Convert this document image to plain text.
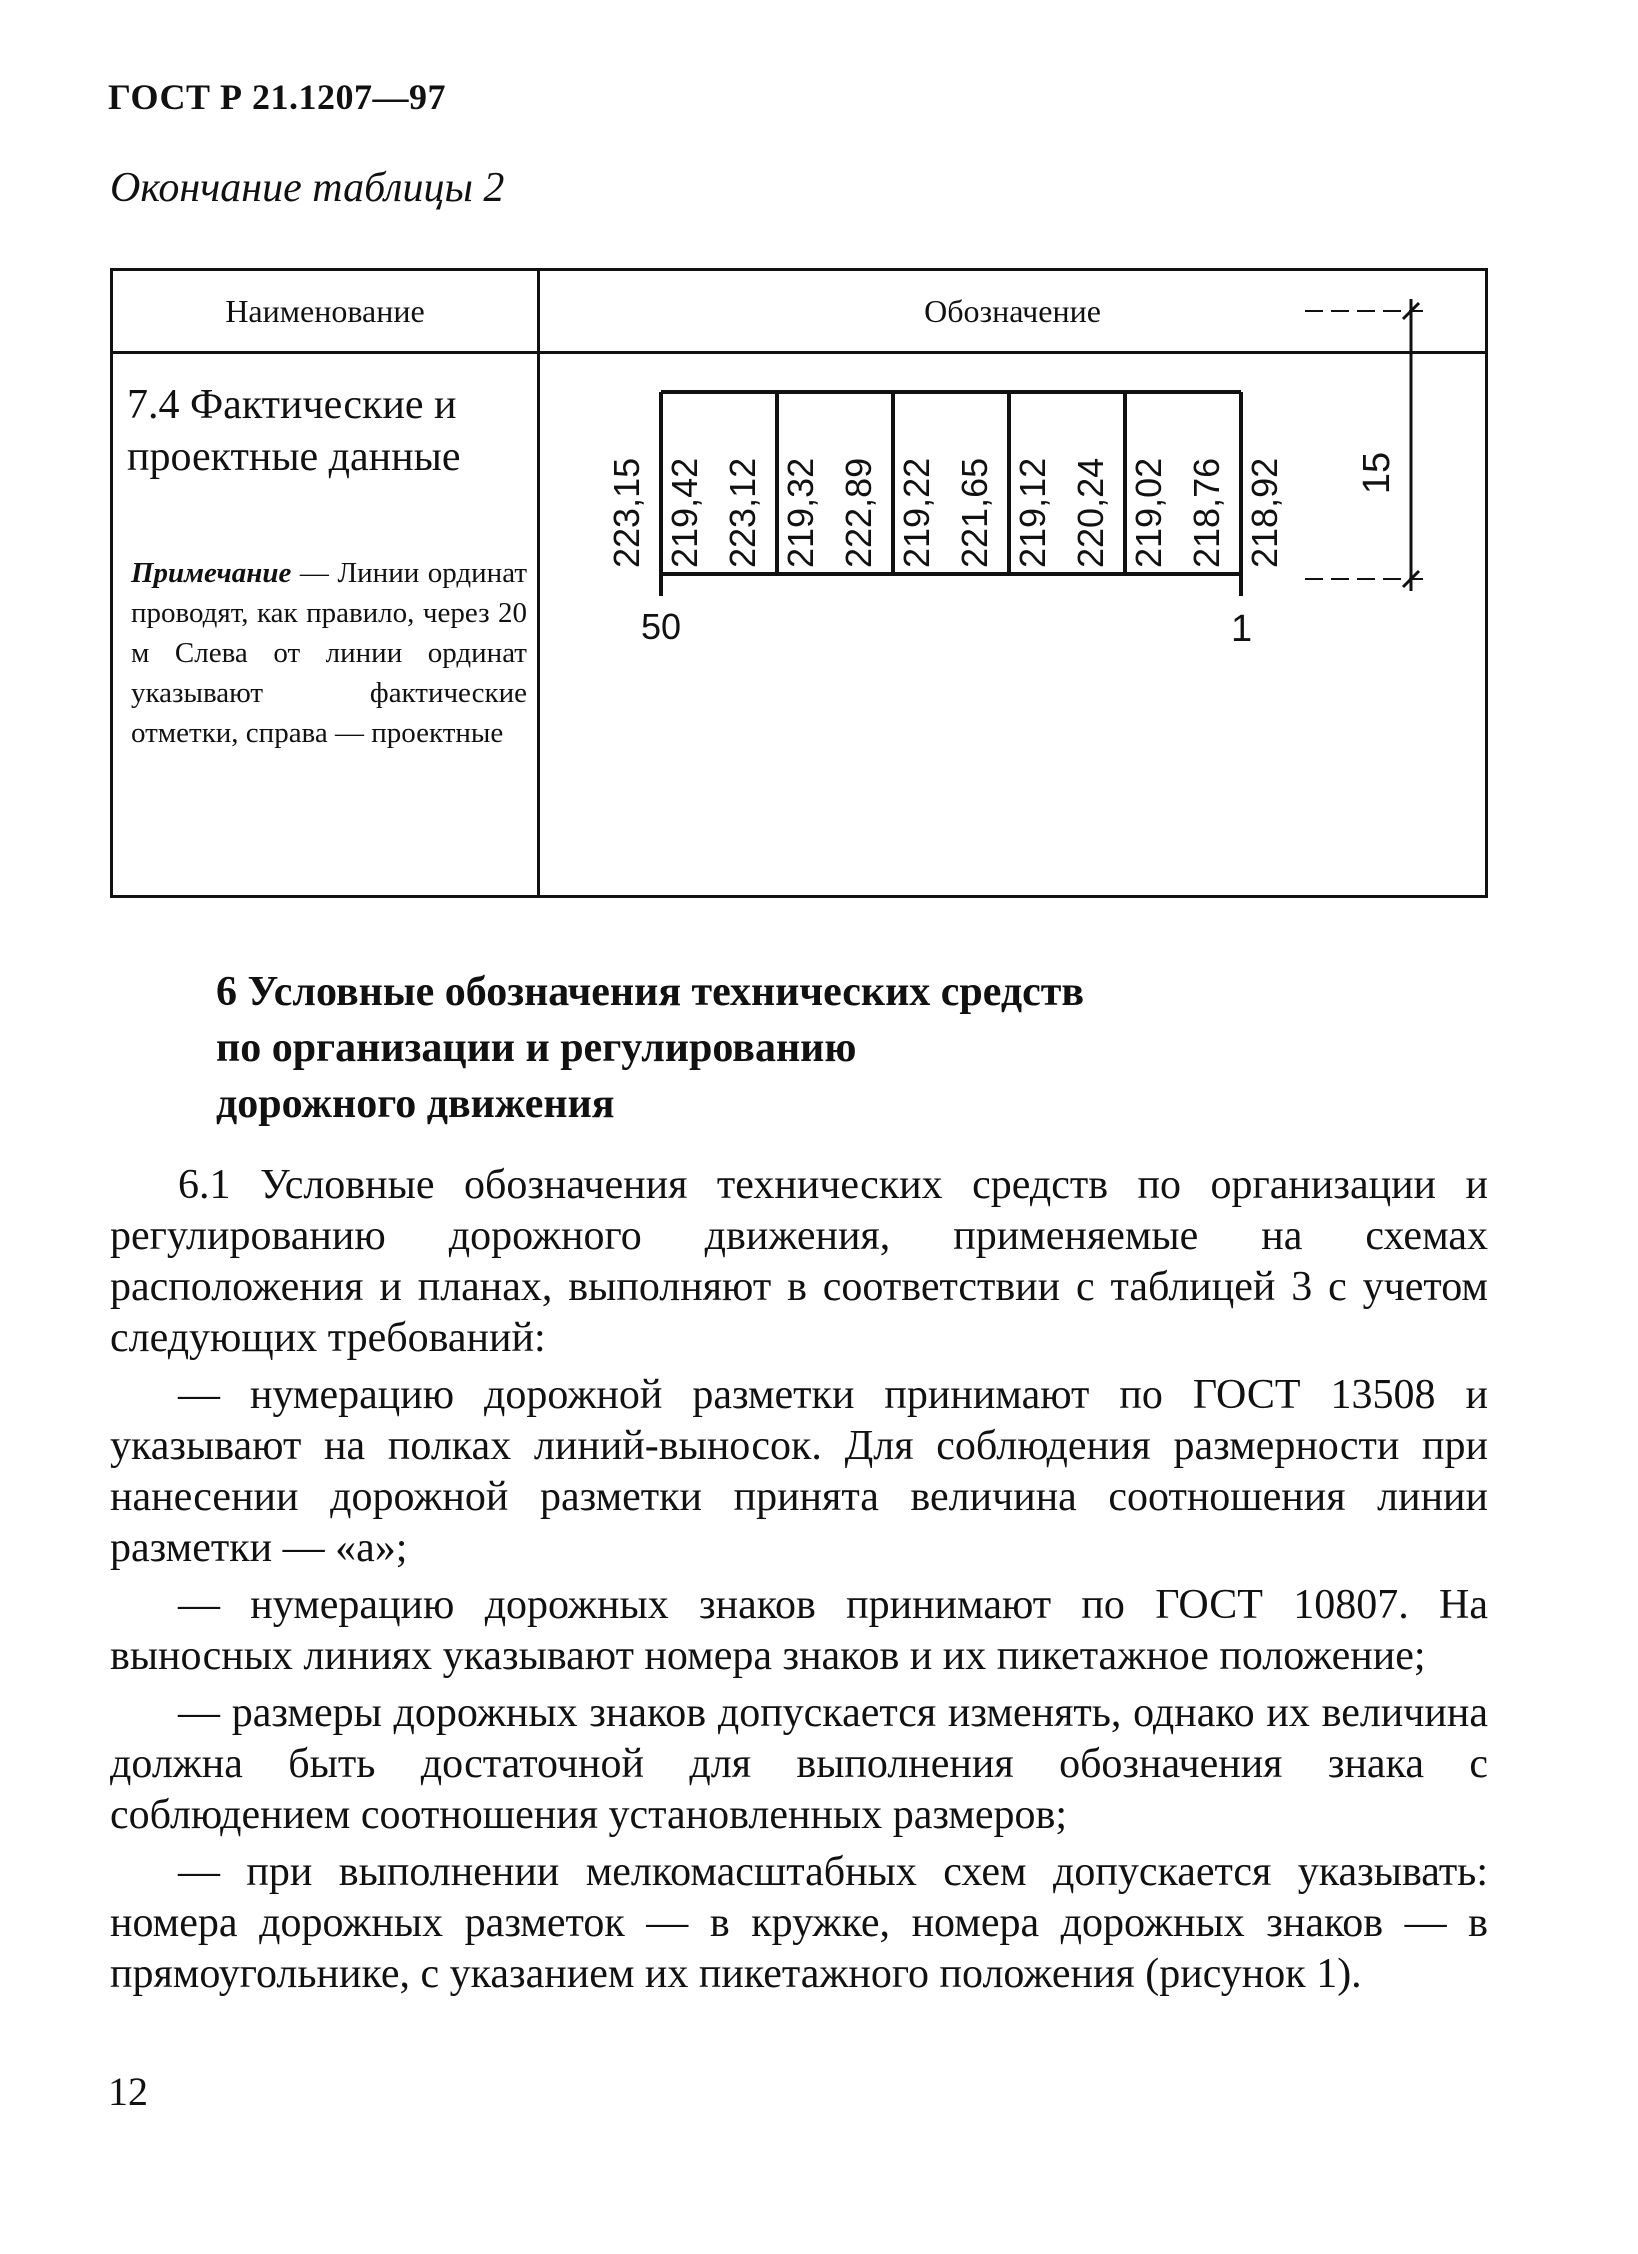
ГОСТ Р 21.1207—97
Окончание таблицы 2
Наименование	Обозначение
7.4 Фактические и проектные данные
Примечание — Линии ординат проводят, как правило, через 20 м Слева от линии ординат указывают фактические отметки, справа — проектные
223,15 219,42 223,12 219,32 222,89 219,22 221,65 219,12 220,24 219,02 218,76 218,92
50	1
15
6 Условные обозначения технических средств
по организации и регулированию
дорожного движения

6.1 Условные обозначения технических средств по организации и регулированию дорожного движения, применяемые на схемах расположения и планах, выполняют в соответствии с таблицей 3 с учетом следующих требований:

— нумерацию дорожной разметки принимают по ГОСТ 13508 и указывают на полках линий-выносок. Для соблюдения размерности при нанесении дорожной разметки принята величина соотношения линии разметки — «а»;

— нумерацию дорожных знаков принимают по ГОСТ 10807. На выносных линиях указывают номера знаков и их пикетажное положение;

— размеры дорожных знаков допускается изменять, однако их величина должна быть достаточной для выполнения обозначения знака с соблюдением соотношения установленных размеров;

— при выполнении мелкомасштабных схем допускается указывать: номера дорожных разметок — в кружке, номера дорожных знаков — в прямоугольнике, с указанием их пикетажного положения (рисунок 1).

12
